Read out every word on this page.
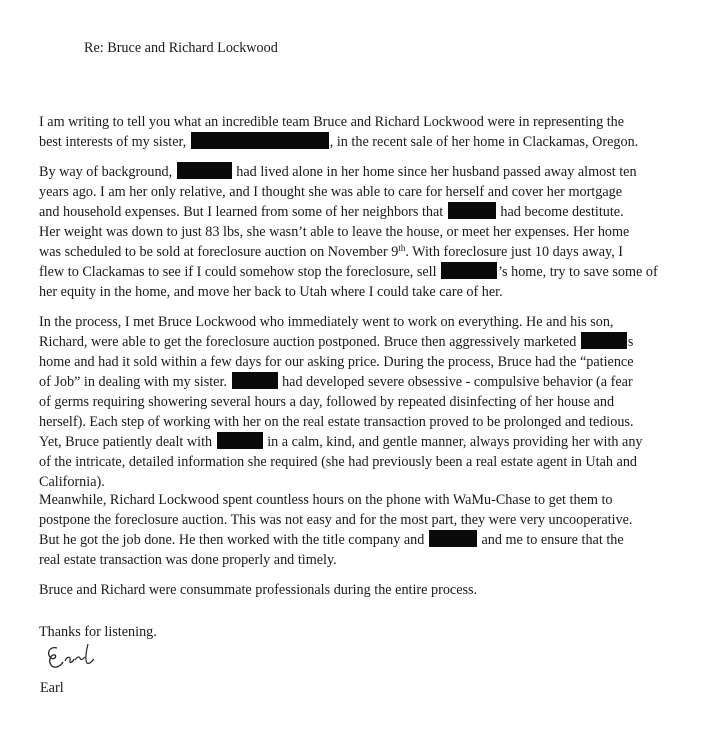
Re: Bruce and Richard Lockwood
I am writing to tell you what an incredible team Bruce and Richard Lockwood were in representing the
best interests of my sister,	, in the recent sale of her home in Clackamas, Oregon.
By way of background,	had lived alone in her home since her husband passed away almost ten
years ago. I am her only relative, and I thought she was able to care for herself and cover her mortgage
and household expenses. But I learned from some of her neighbors that	had become destitute.
Her weight was down to just 83 lbs, she wasn’t able to leave the house, or meet her expenses. Her home
was scheduled to be sold at foreclosure auction on November 9th. With foreclosure just 10 days away, I
flew to Clackamas to see if I could somehow stop the foreclosure, sell	’s home, try to save some of
her equity in the home, and move her back to Utah where I could take care of her.
In the process, I met Bruce Lockwood who immediately went to work on everything. He and his son,
Richard, were able to get the foreclosure auction postponed. Bruce then aggressively marketed	s
home and had it sold within a few days for our asking price. During the process, Bruce had the “patience
of Job” in dealing with my sister.	had developed severe obsessive - compulsive behavior (a fear
of germs requiring showering several hours a day, followed by repeated disinfecting of her house and
herself). Each step of working with her on the real estate transaction proved to be prolonged and tedious.
Yet, Bruce patiently dealt with	in a calm, kind, and gentle manner, always providing her with any
of the intricate, detailed information she required (she had previously been a real estate agent in Utah and
California).
Meanwhile, Richard Lockwood spent countless hours on the phone with WaMu-Chase to get them to
postpone the foreclosure auction. This was not easy and for the most part, they were very uncooperative.
But he got the job done. He then worked with the title company and	and me to ensure that the
real estate transaction was done properly and timely.
Bruce and Richard were consummate professionals during the entire process.
Thanks for listening.
Earl
